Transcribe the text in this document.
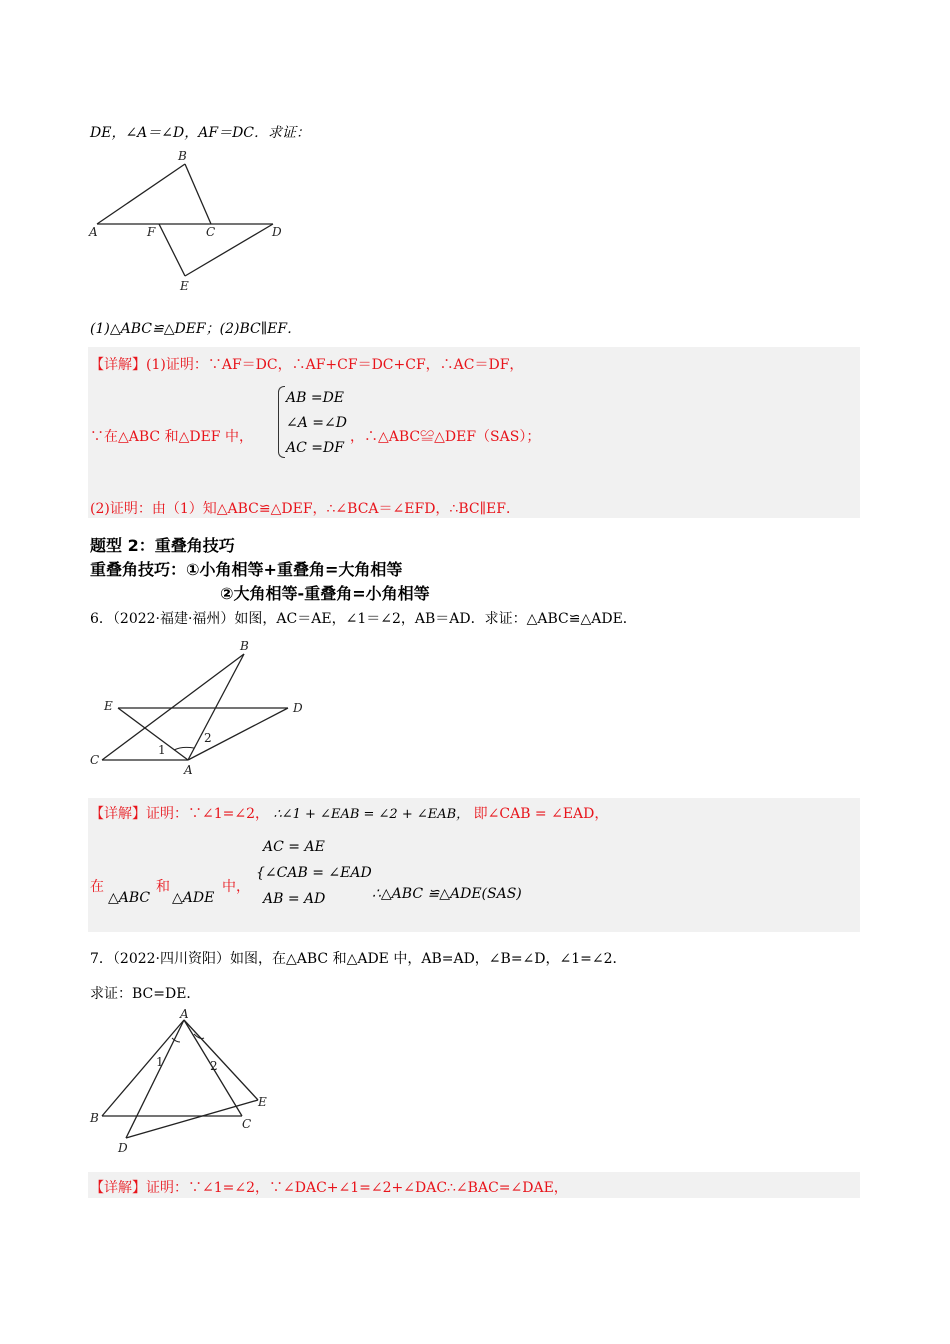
DE，∠A＝∠D，AF＝DC．求证：
A
B
C	D
E
F
(1)△ABC≌△DEF；(2)BC∥EF．
【详解】(1)证明：∵AF＝DC，∴AF+CF＝DC+CF，∴AC＝DF，
∵在△ABC 和△DEF 中，
AB =DE
∠A =∠D
AC =DF
，∴△ABC≌△DEF（SAS）；
(2)证明：由（1）知△ABC≌△DEF，∴∠BCA＝∠EFD，∴BC∥EF．
题型 2：重叠角技巧
重叠角技巧：①小角相等+重叠角=大角相等
②大角相等-重叠角=小角相等
6．（2022·福建·福州）如图，AC＝AE，∠1＝∠2，AB＝AD．求证：△ABC≌△ADE．
B
E	D
C
A
1
2
【详解】证明：∵∠1=∠2， ∴∠1 + ∠EAB = ∠2 + ∠EAB， 即∠CAB = ∠EAD，
在
△ABC
和
△ADE
中，
AC = AE
{∠CAB = ∠EAD
AB = AD	∴△ABC ≌△ADE(SAS)
7．（2022·四川资阳）如图，在△ABC 和△ADE 中，AB=AD，∠B=∠D，∠1=∠2．
求证：BC=DE．
A
B	C
D
E
1	2
【详解】证明：∵∠1=∠2，∵∠DAC+∠1=∠2+∠DAC∴∠BAC=∠DAE，
